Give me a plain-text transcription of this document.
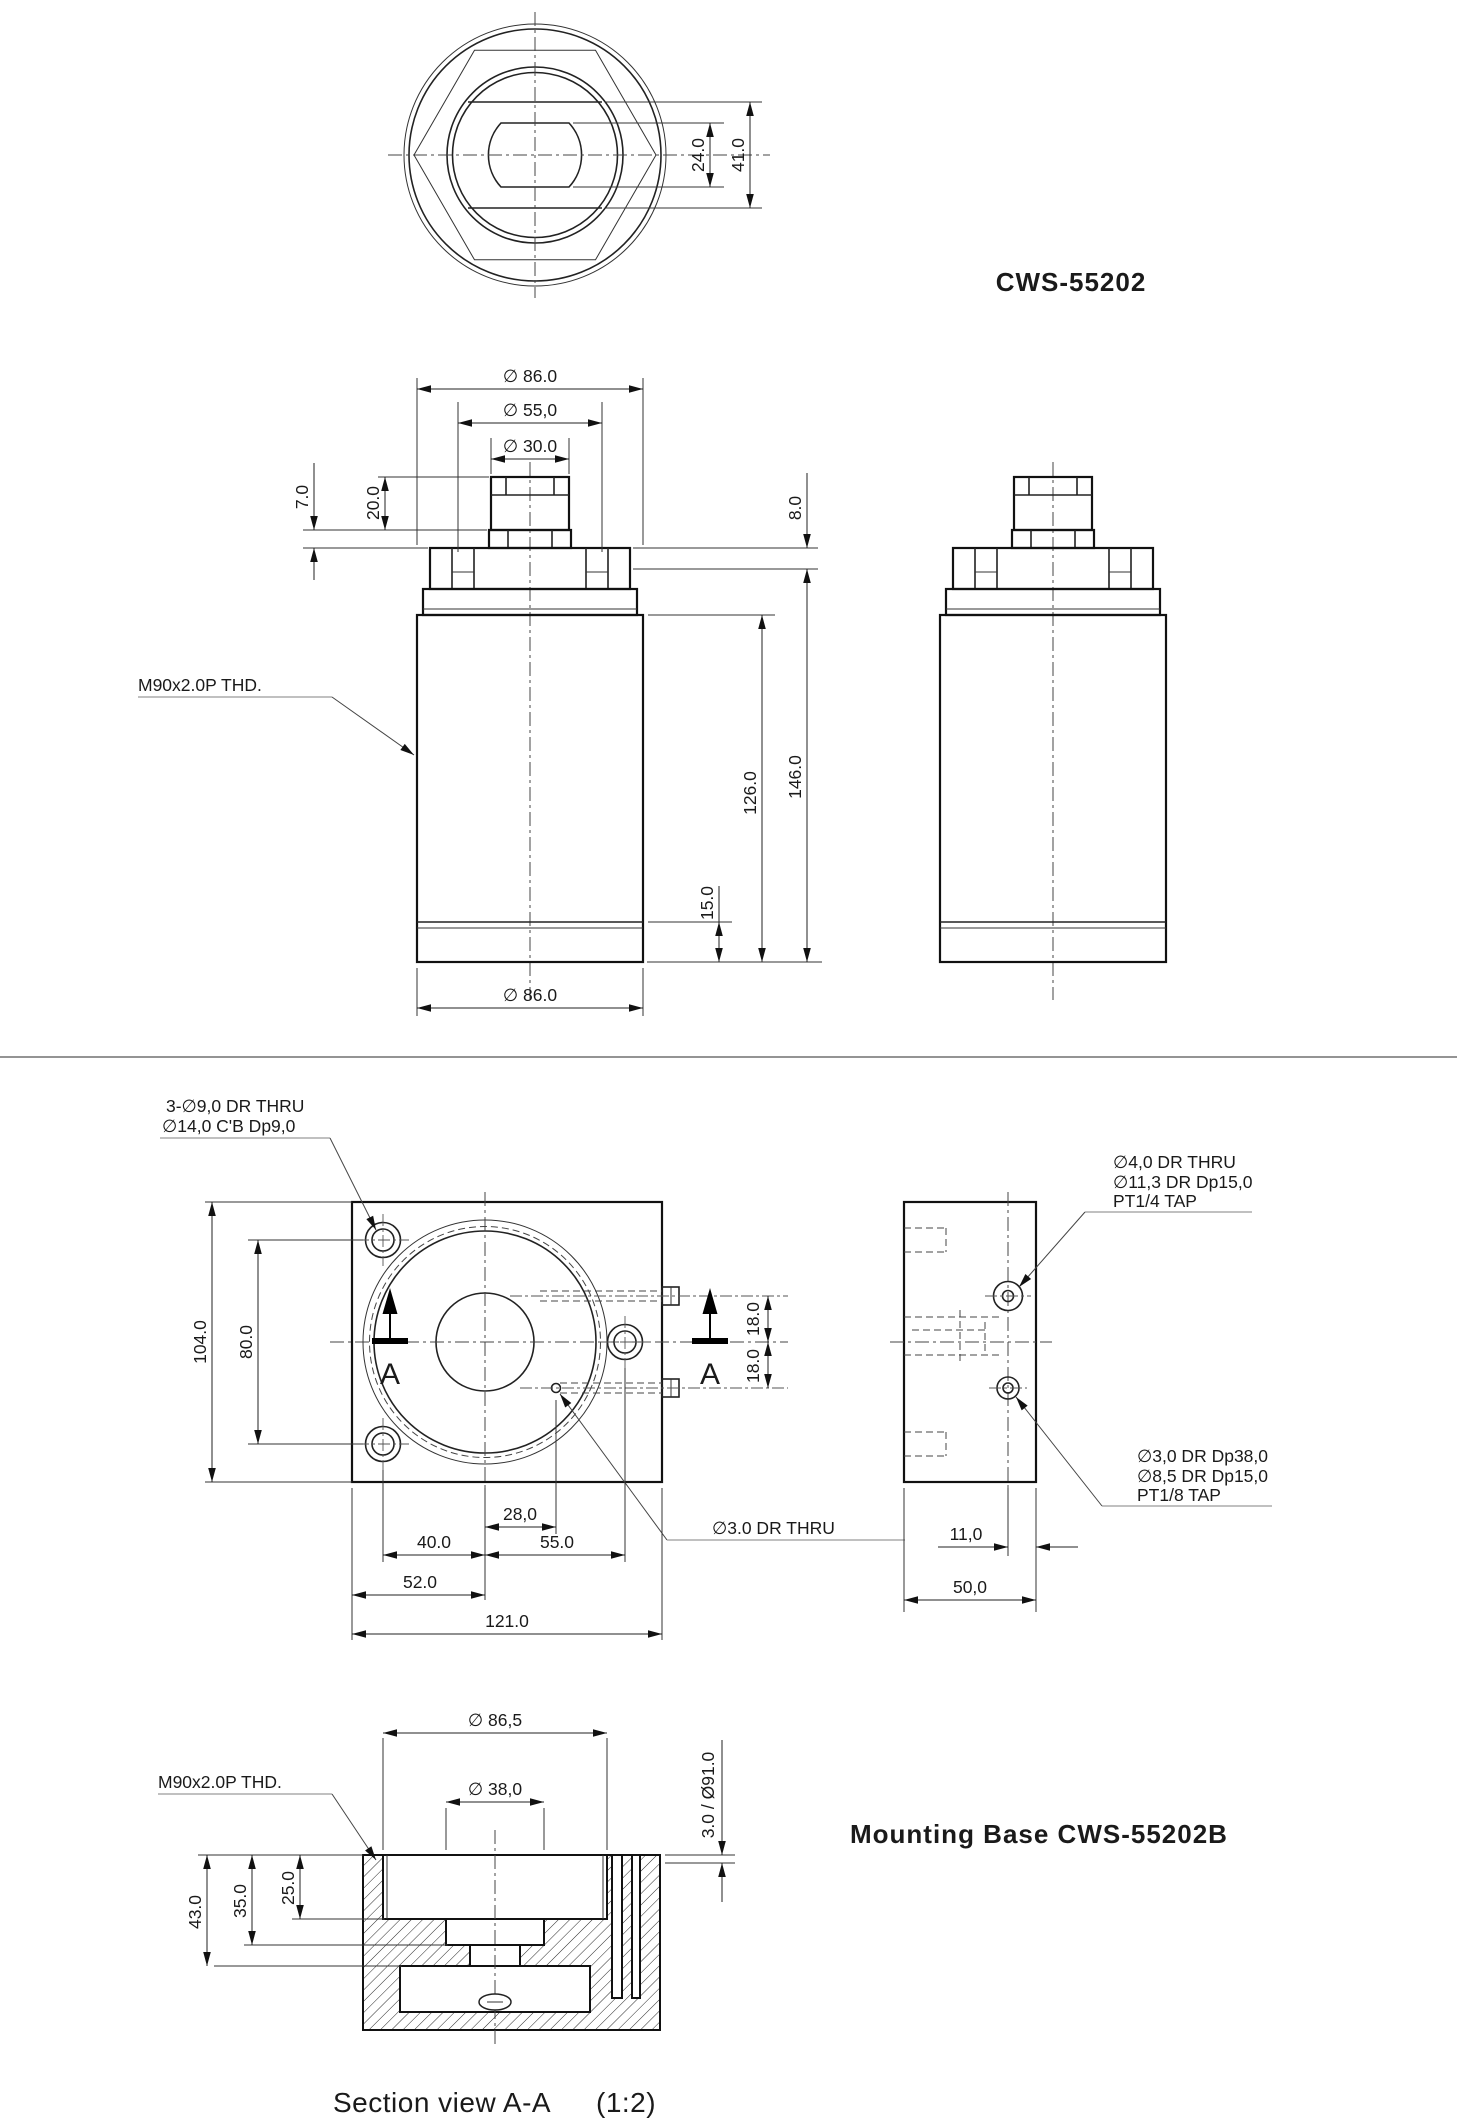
24.0 41.0
CWS-55202
∅ 86.0
∅ 55,0
∅ 30.0
20.0
7.0	8.0
M90x2.0P THD.
15.0
126.0 146.0
∅ 86.0
A	A
3-∅9,0 DR THRU
∅14,0 C'B Dp9,0
∅3.0 DR THRU
104.0 80.0
18.0
18.0
28,0
40.0	55.0
52.0
121.0
∅4,0 DR THRU
∅11,3 DR Dp15,0
PT1/4 TAP
∅3,0 DR Dp38,0
∅8,5 DR Dp15,0
PT1/8 TAP
11,0
50,0
∅ 86,5
∅ 38,0
M90x2.0P THD.	3.0 / Ø91.0
43.0 35.0 25.0
Mounting Base CWS-55202B
Section view A-A (1:2)
